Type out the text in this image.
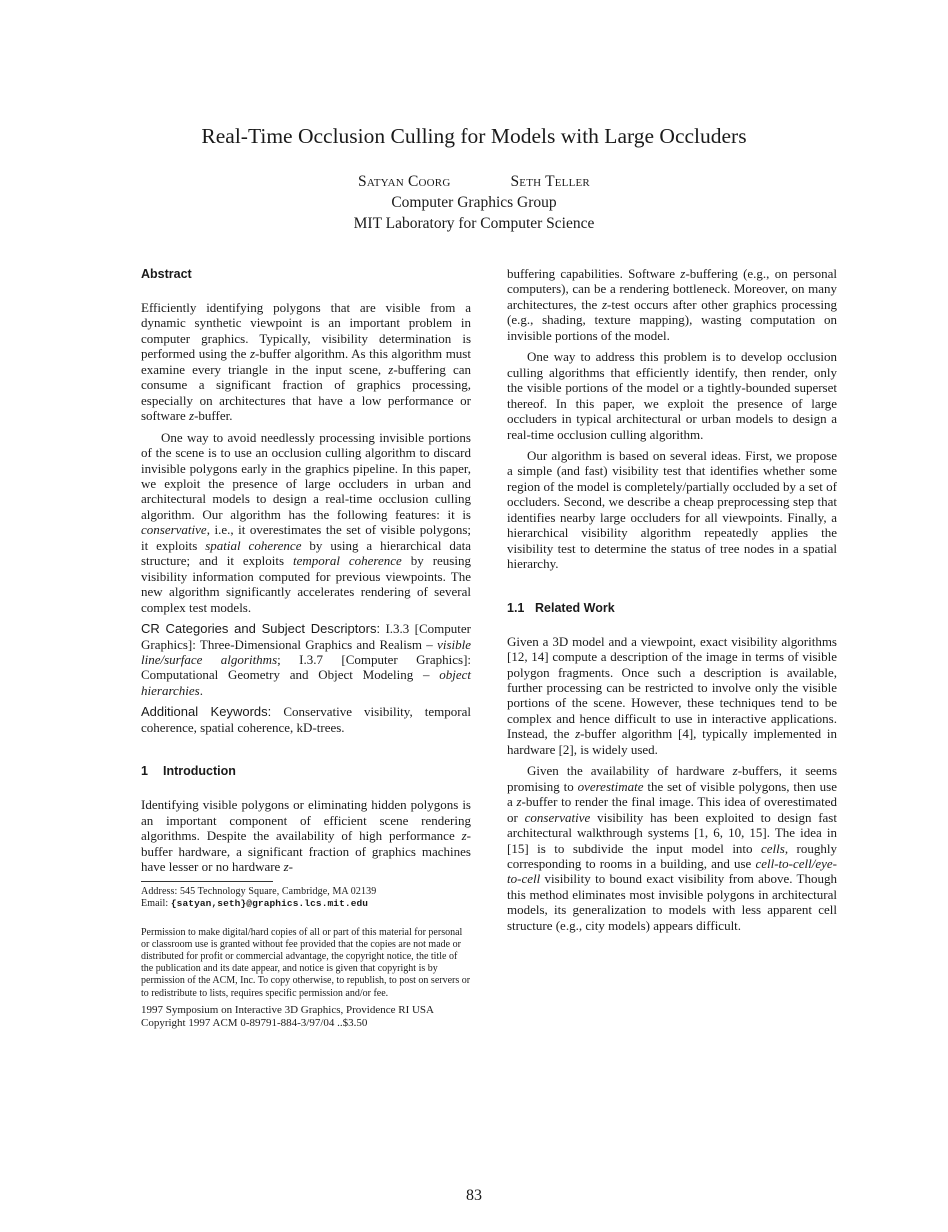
Real-Time Occlusion Culling for Models with Large Occluders
Satyan Coorg	Seth Teller
Computer Graphics Group
MIT Laboratory for Computer Science
Abstract

Efficiently identifying polygons that are visible from a dynamic synthetic viewpoint is an important problem in computer graphics. Typically, visibility determination is performed using the z-buffer algorithm. As this algorithm must examine every triangle in the input scene, z-buffering can consume a significant fraction of graphics processing, especially on architectures that have a low performance or software z-buffer.

One way to avoid needlessly processing invisible portions of the scene is to use an occlusion culling algorithm to discard invisible polygons early in the graphics pipeline. In this paper, we exploit the presence of large occluders in urban and architectural models to design a real-time occlusion culling algorithm. Our algorithm has the following features: it is conservative, i.e., it overestimates the set of visible polygons; it exploits spatial coherence by using a hierarchical data structure; and it exploits temporal coherence by reusing visibility information computed for previous viewpoints. The new algorithm significantly accelerates rendering of several complex test models.

CR Categories and Subject Descriptors: I.3.3 [Computer Graphics]: Three-Dimensional Graphics and Realism – visible line/surface algorithms; I.3.7 [Computer Graphics]: Computational Geometry and Object Modeling – object hierarchies.

Additional Keywords: Conservative visibility, temporal coherence, spatial coherence, kD-trees.

1 Introduction

Identifying visible polygons or eliminating hidden polygons is an important component of efficient scene rendering algorithms. Despite the availability of high performance z-buffer hardware, a significant fraction of graphics machines have lesser or no hardware z-

Address: 545 Technology Square, Cambridge, MA 02139
Email: {satyan,seth}@graphics.lcs.mit.edu
Permission to make digital/hard copies of all or part of this material for personal or classroom use is granted without fee provided that the copies are not made or distributed for profit or commercial advantage, the copyright notice, the title of the publication and its date appear, and notice is given that copyright is by permission of the ACM, Inc. To copy otherwise, to republish, to post on servers or to redistribute to lists, requires specific permission and/or fee.
1997 Symposium on Interactive 3D Graphics, Providence RI USA
Copyright 1997 ACM 0-89791-884-3/97/04 ..$3.50

buffering capabilities. Software z-buffering (e.g., on personal computers), can be a rendering bottleneck. Moreover, on many architectures, the z-test occurs after other graphics processing (e.g., shading, texture mapping), wasting computation on invisible portions of the model.

One way to address this problem is to develop occlusion culling algorithms that efficiently identify, then render, only the visible portions of the model or a tightly-bounded superset thereof. In this paper, we exploit the presence of large occluders in typical architectural or urban models to design a real-time occlusion culling algorithm.

Our algorithm is based on several ideas. First, we propose a simple (and fast) visibility test that identifies whether some region of the model is completely/partially occluded by a set of occluders. Second, we describe a cheap preprocessing step that identifies nearby large occluders for all viewpoints. Finally, a hierarchical visibility algorithm repeatedly applies the visibility test to determine the status of tree nodes in a spatial hierarchy.

1.1 Related Work

Given a 3D model and a viewpoint, exact visibility algorithms [12, 14] compute a description of the image in terms of visible polygon fragments. Once such a description is available, further processing can be restricted to involve only the visible portions of the scene. However, these techniques tend to be complex and hence difficult to use in interactive applications. Instead, the z-buffer algorithm [4], typically implemented in hardware [2], is widely used.

Given the availability of hardware z-buffers, it seems promising to overestimate the set of visible polygons, then use a z-buffer to render the final image. This idea of overestimated or conservative visibility has been exploited to design fast architectural walkthrough systems [1, 6, 10, 15]. The idea in [15] is to subdivide the input model into cells, roughly corresponding to rooms in a building, and use cell-to-cell/eye-to-cell visibility to bound exact visibility from above. Though this method eliminates most invisible polygons in architectural models, its generalization to models with less apparent cell structure (e.g., city models) appears difficult.

83
